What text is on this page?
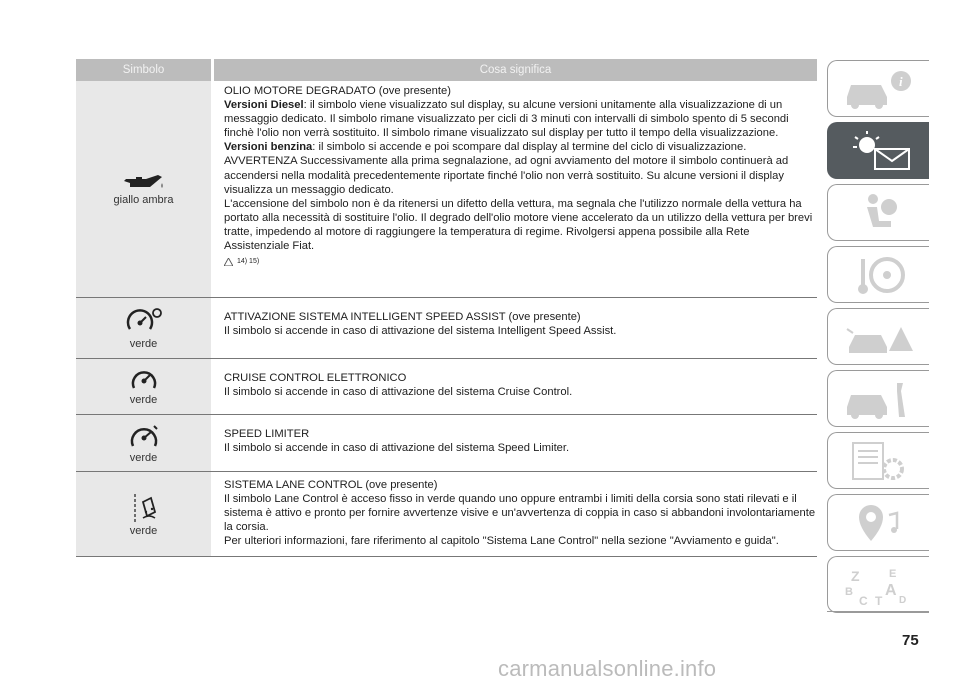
Simbolo	Cosa significa
giallo ambra

OLIO MOTORE DEGRADATO (ove presente)

Versioni Diesel: il simbolo viene visualizzato sul display, su alcune versioni unitamente alla visualizzazione di un messaggio dedicato. Il simbolo rimane visualizzato per cicli di 3 minuti con intervalli di simbolo spento di 5 secondi finchè l'olio non verrà sostituito. Il simbolo rimane visualizzato sul display per tutto il tempo della visualizzazione.

Versioni benzina: il simbolo si accende e poi scompare dal display al termine del ciclo di visualizzazione.

AVVERTENZA Successivamente alla prima segnalazione, ad ogni avviamento del motore il simbolo continuerà ad accendersi nella modalità precedentemente riportate finché l'olio non verrà sostituito. Su alcune versioni il display visualizza un messaggio dedicato.

L'accensione del simbolo non è da ritenersi un difetto della vettura, ma segnala che l'utilizzo normale della vettura ha portato alla necessità di sostituire l'olio. Il degrado dell'olio motore viene accelerato da un utilizzo della vettura per brevi tratte, impedendo al motore di raggiungere la temperatura di regime. Rivolgersi appena possibile alla Rete Assistenziale Fiat.

14) 15)
verde

ATTIVAZIONE SISTEMA INTELLIGENT SPEED ASSIST (ove presente)

Il simbolo si accende in caso di attivazione del sistema Intelligent Speed Assist.

verde

CRUISE CONTROL ELETTRONICO

Il simbolo si accende in caso di attivazione del sistema Cruise Control.

verde

SPEED LIMITER

Il simbolo si accende in caso di attivazione del sistema Speed Limiter.

verde

SISTEMA LANE CONTROL (ove presente)

Il simbolo Lane Control è acceso fisso in verde quando uno oppure entrambi i limiti della corsia sono stati rilevati e il sistema è attivo e pronto per fornire avvertenze visive e un'avvertenza di coppia in caso si abbandoni involontariamente la corsia.

Per ulteriori informazioni, fare riferimento al capitolo "Sistema Lane Control" nella sezione "Avviamento e guida".

i
Z	E
B A
C T D
75
carmanualsonline.info
